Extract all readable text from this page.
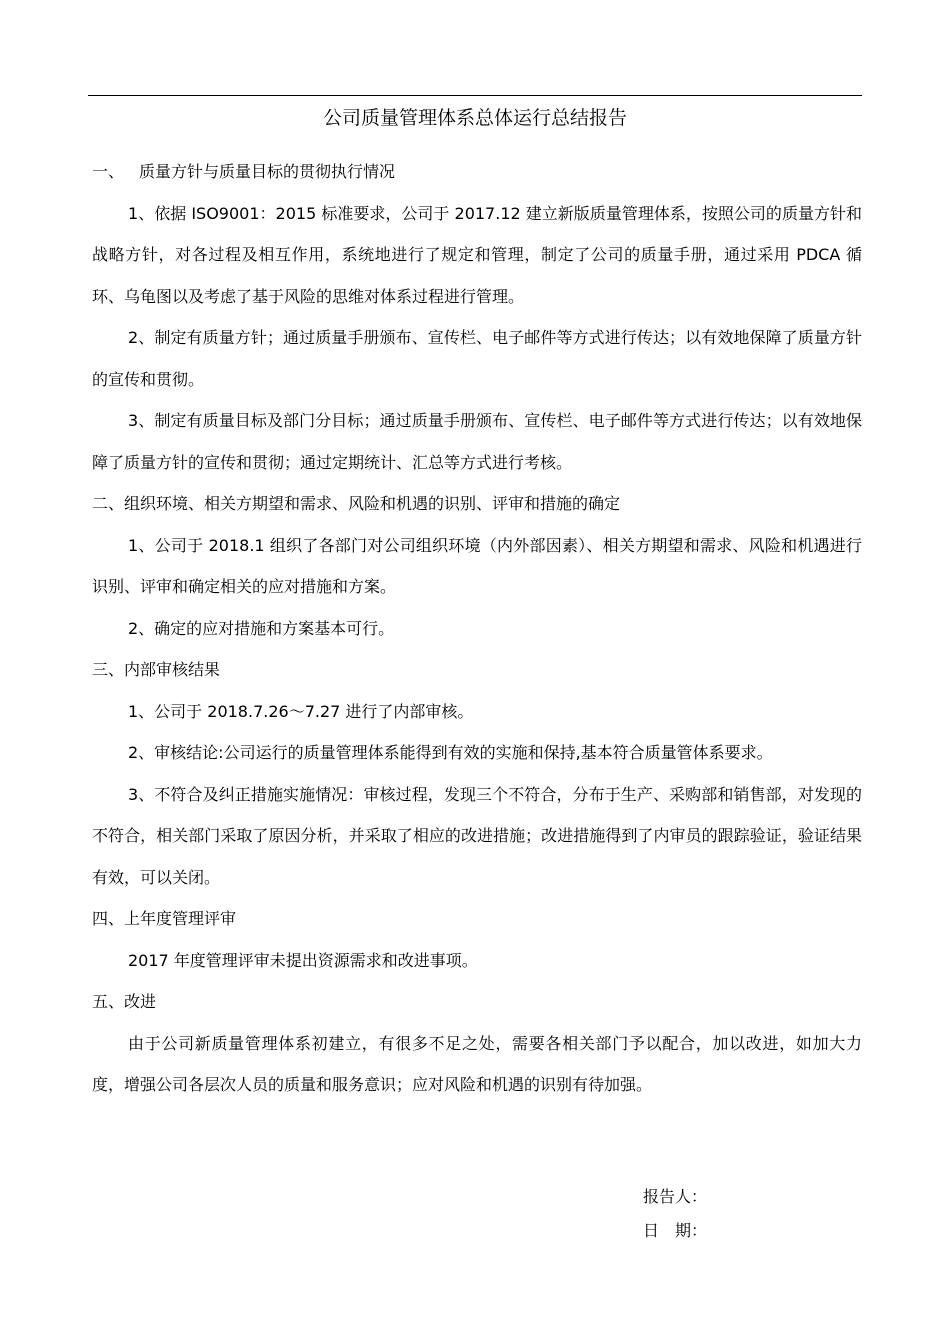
公司质量管理体系总体运行总结报告

一、 质量方针与质量目标的贯彻执行情况

1、依据 ISO9001：2015 标准要求，公司于 2017.12 建立新版质量管理体系，按照公司的质量方针和战略方针，对各过程及相互作用，系统地进行了规定和管理，制定了公司的质量手册，通过采用 PDCA 循环、乌龟图以及考虑了基于风险的思维对体系过程进行管理。

2、制定有质量方针；通过质量手册颁布、宣传栏、电子邮件等方式进行传达；以有效地保障了质量方针的宣传和贯彻。

3、制定有质量目标及部门分目标；通过质量手册颁布、宣传栏、电子邮件等方式进行传达；以有效地保障了质量方针的宣传和贯彻；通过定期统计、汇总等方式进行考核。

二、组织环境、相关方期望和需求、风险和机遇的识别、评审和措施的确定

1、公司于 2018.1 组织了各部门对公司组织环境（内外部因素）、相关方期望和需求、风险和机遇进行识别、评审和确定相关的应对措施和方案。

2、确定的应对措施和方案基本可行。

三、内部审核结果

1、公司于 2018.7.26～7.27 进行了内部审核。

2、审核结论:公司运行的质量管理体系能得到有效的实施和保持,基本符合质量管体系要求。

3、不符合及纠正措施实施情况：审核过程，发现三个不符合，分布于生产、采购部和销售部，对发现的不符合，相关部门采取了原因分析，并采取了相应的改进措施；改进措施得到了内审员的跟踪验证，验证结果有效，可以关闭。

四、上年度管理评审

2017 年度管理评审未提出资源需求和改进事项。

五、改进

由于公司新质量管理体系初建立，有很多不足之处，需要各相关部门予以配合，加以改进，如加大力度，增强公司各层次人员的质量和服务意识；应对风险和机遇的识别有待加强。

报告人：

日　期：
